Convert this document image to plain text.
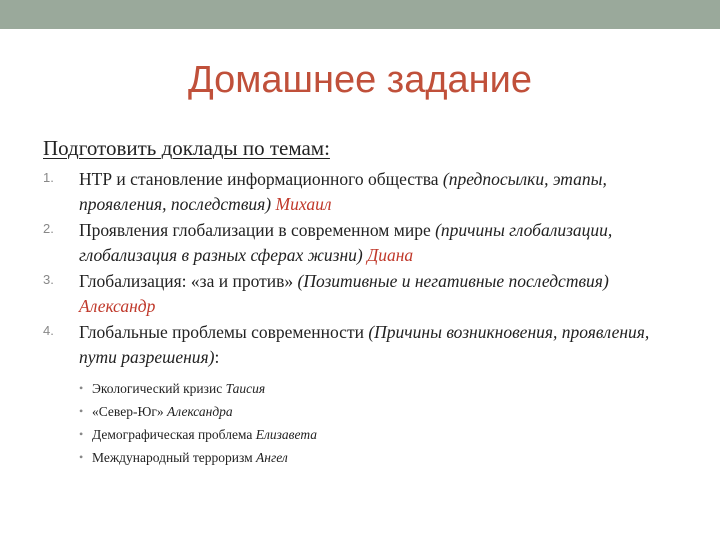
Домашнее задание
Подготовить доклады по темам:
1. НТР и становление информационного общества (предпосылки, этапы, проявления, последствия) Михаил
2. Проявления глобализации в современном мире (причины глобализации, глобализация в разных сферах жизни) Диана
3. Глобализация: «за и против» (Позитивные и негативные последствия) Александр
4. Глобальные проблемы современности (Причины возникновения, проявления, пути разрешения):
• Экологический кризис Таисия
• «Север-Юг» Александра
• Демографическая проблема Елизавета
• Международный терроризм Ангел
